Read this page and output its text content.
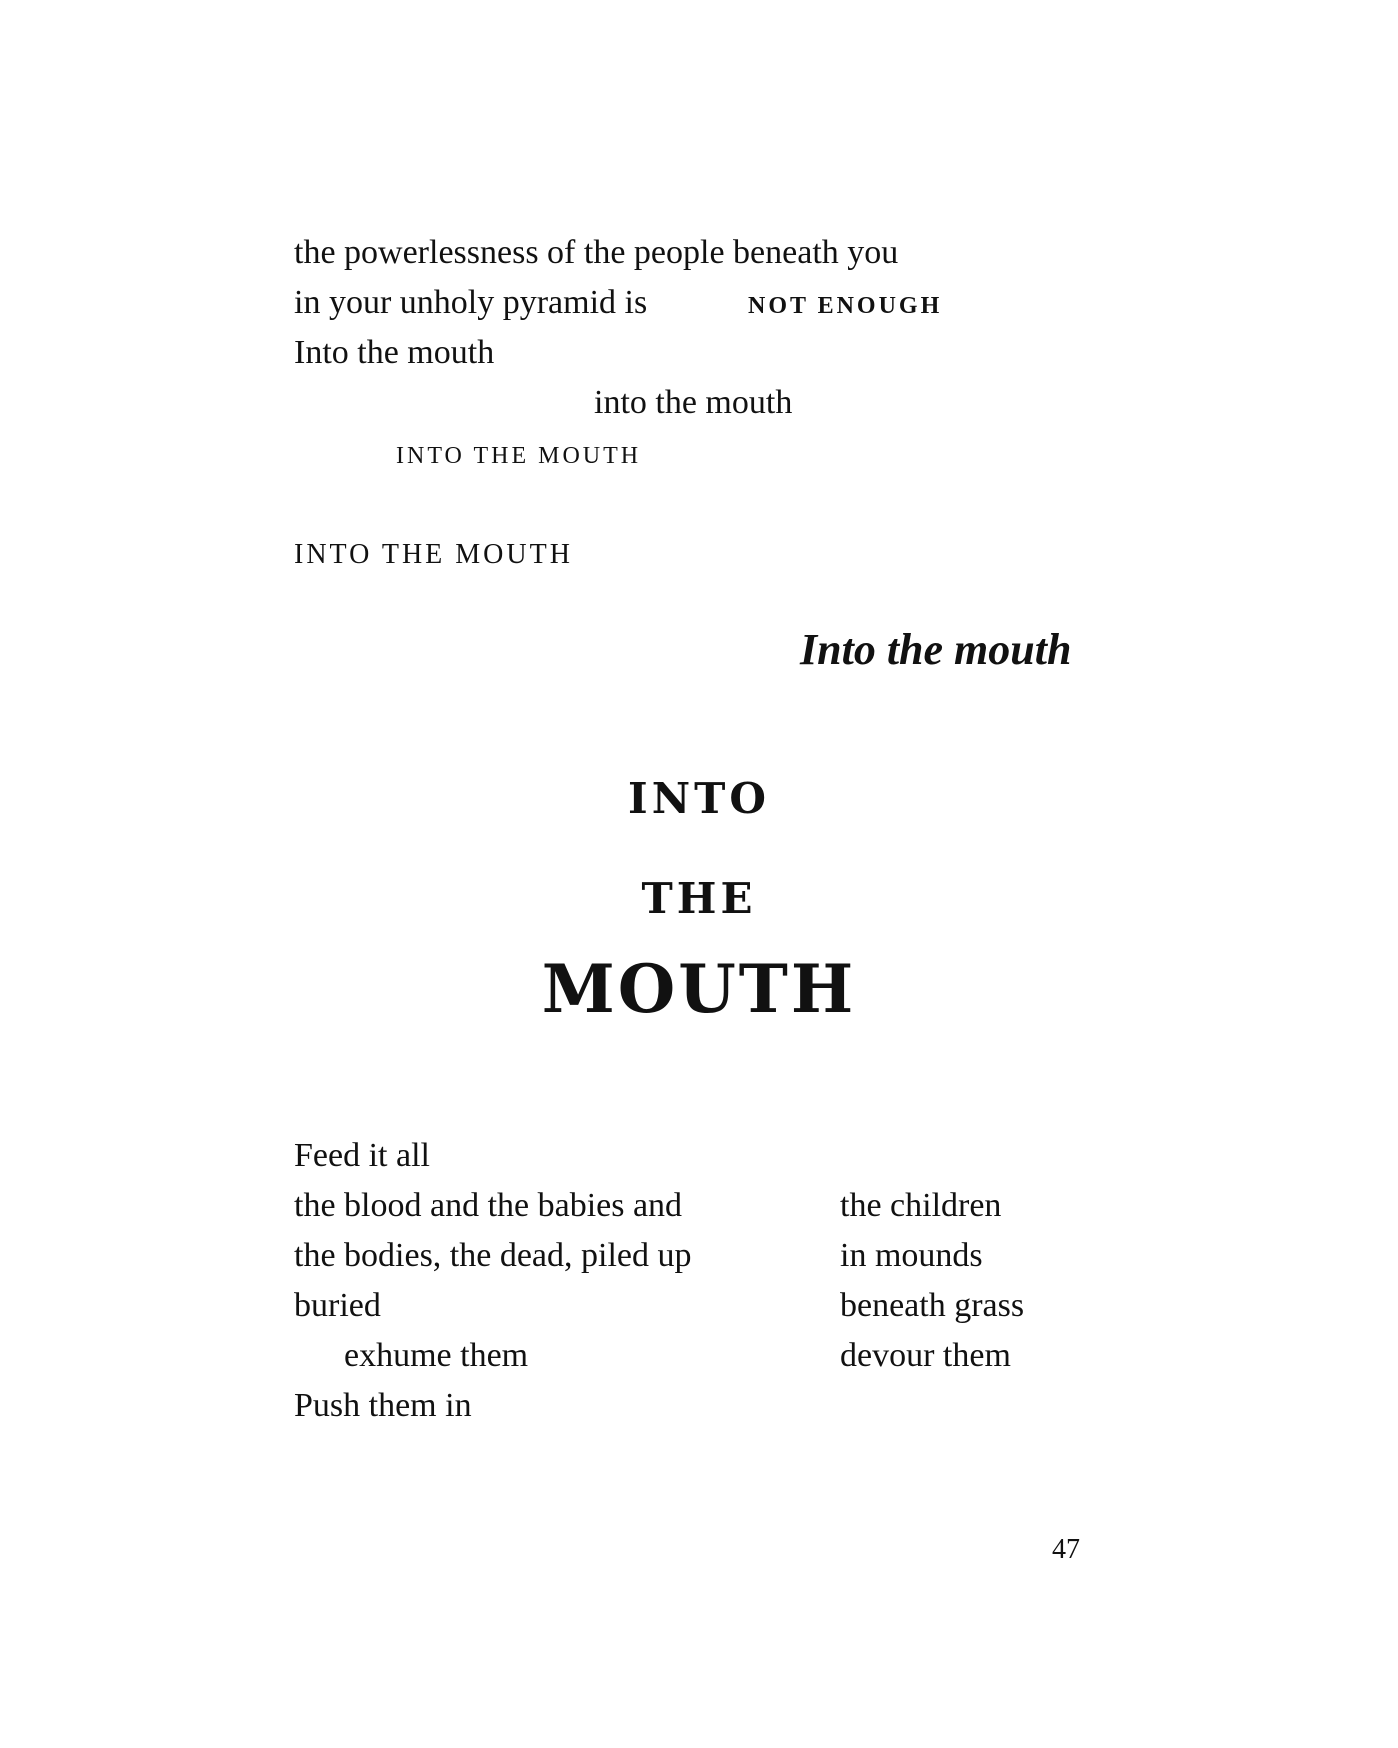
the powerlessness of the people beneath you
in your unholy pyramid is	NOT ENOUGH
Into the mouth
into the mouth
INTO THE MOUTH
INTO THE MOUTH
Into the mouth
INTO
THE
MOUTH
Feed it all
the blood and the babies and
the bodies, the dead, piled up
buried
exhume them
Push them in
the children
in mounds
beneath grass
devour them
47
